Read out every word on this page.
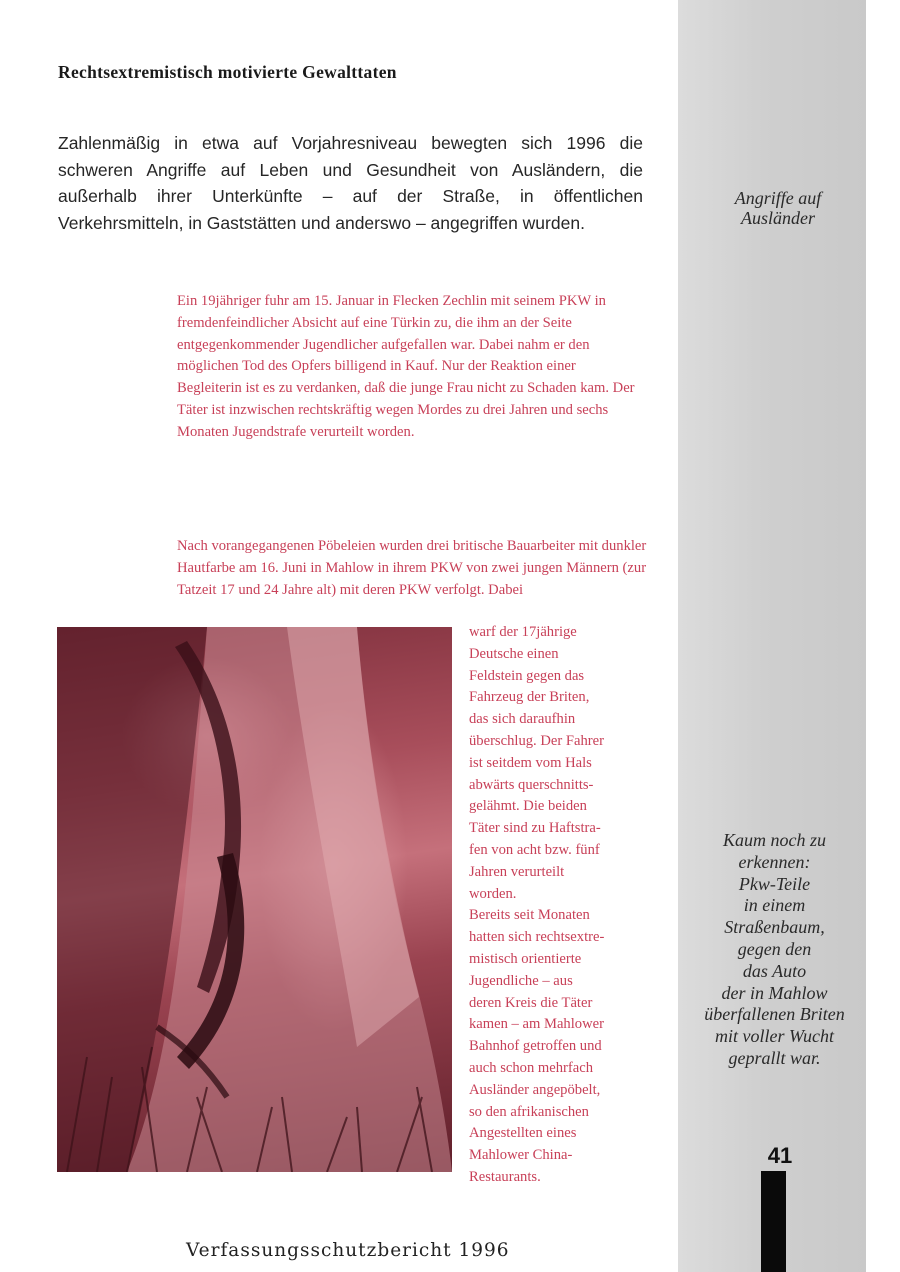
Rechtsextremistisch motivierte Gewalttaten

Zahlenmäßig in etwa auf Vorjahresniveau bewegten sich 1996 die schweren Angriffe auf Leben und Gesundheit von Ausländern, die außerhalb ihrer Unterkünfte – auf der Straße, in öffentlichen Verkehrsmitteln, in Gaststätten und anderswo – angegriffen wurden.

Ein 19jähriger fuhr am 15. Januar in Flecken Zechlin mit seinem PKW in fremdenfeindlicher Absicht auf eine Türkin zu, die ihm an der Seite entgegenkommender Jugendlicher aufgefallen war. Dabei nahm er den möglichen Tod des Opfers billigend in Kauf. Nur der Reaktion einer Begleiterin ist es zu verdanken, daß die junge Frau nicht zu Schaden kam. Der Täter ist inzwischen rechtskräftig wegen Mordes zu drei Jahren und sechs Monaten Jugendstrafe verurteilt worden.

Nach vorangegangenen Pöbeleien wurden drei britische Bauarbeiter mit dunkler Hautfarbe am 16. Juni in Mahlow in ihrem PKW von zwei jungen Männern (zur Tatzeit 17 und 24 Jahre alt) mit deren PKW verfolgt. Dabei

warf der 17jährige
Deutsche einen
Feldstein gegen das
Fahrzeug der Briten,
das sich daraufhin
überschlug. Der Fahrer
ist seitdem vom Hals
abwärts querschnitts-
gelähmt. Die beiden
Täter sind zu Haftstra-
fen von acht bzw. fünf
Jahren verurteilt
worden.
Bereits seit Monaten
hatten sich rechtsextre-
mistisch orientierte
Jugendliche – aus
deren Kreis die Täter
kamen – am Mahlower
Bahnhof getroffen und
auch schon mehrfach
Ausländer angepöbelt,
so den afrikanischen
Angestellten eines
Mahlower China-
Restaurants.
Angriffe auf
Ausländer
Kaum noch zu
erkennen:
Pkw-Teile
in einem
Straßenbaum,
gegen den
das Auto
der in Mahlow
überfallenen Briten
mit voller Wucht
geprallt war.
41

Verfassungsschutzbericht 1996
